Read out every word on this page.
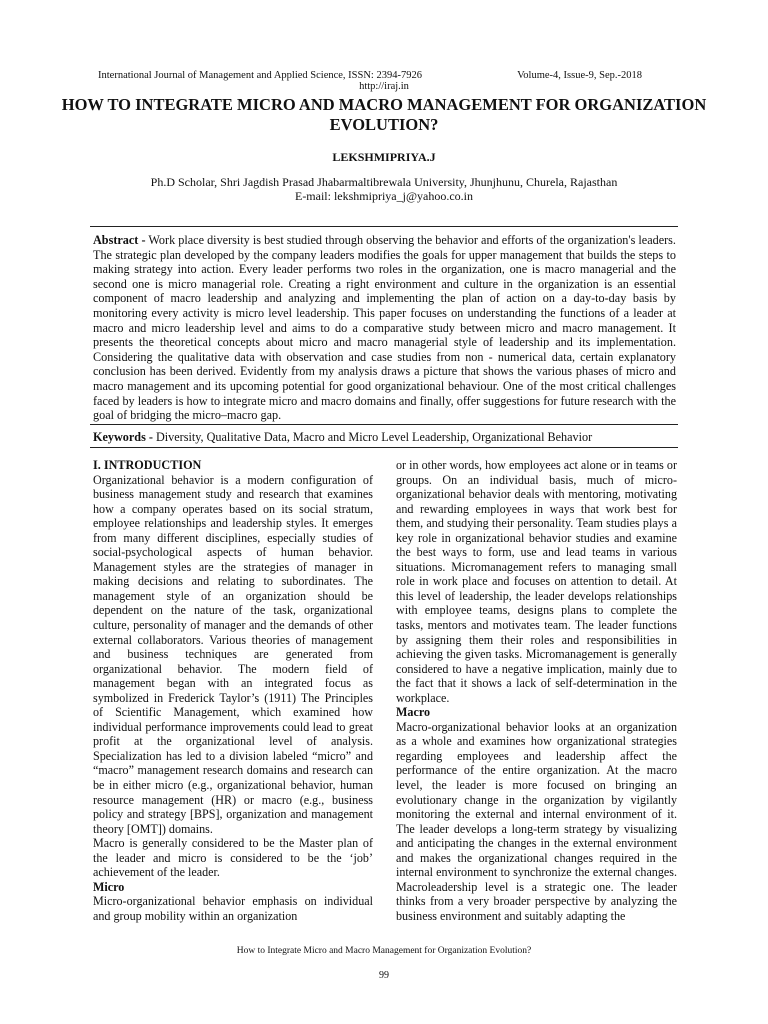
International Journal of Management and Applied Science, ISSN: 2394-7926	Volume-4, Issue-9, Sep.-2018
http://iraj.in
HOW TO INTEGRATE MICRO AND MACRO MANAGEMENT FOR ORGANIZATION EVOLUTION?
LEKSHMIPRIYA.J
Ph.D Scholar, Shri Jagdish Prasad Jhabarmaltibrewala University, Jhunjhunu, Churela, Rajasthan
E-mail: lekshmipriya_j@yahoo.co.in
Abstract - Work place diversity is best studied through observing the behavior and efforts of the organization's leaders. The strategic plan developed by the company leaders modifies the goals for upper management that builds the steps to making strategy into action. Every leader performs two roles in the organization, one is macro managerial and the second one is micro managerial role. Creating a right environment and culture in the organization is an essential component of macro leadership and analyzing and implementing the plan of action on a day-to-day basis by monitoring every activity is micro level leadership. This paper focuses on understanding the functions of a leader at macro and micro leadership level and aims to do a comparative study between micro and macro management. It presents the theoretical concepts about micro and macro managerial style of leadership and its implementation. Considering the qualitative data with observation and case studies from non - numerical data, certain explanatory conclusion has been derived. Evidently from my analysis draws a picture that shows the various phases of micro and macro management and its upcoming potential for good organizational behaviour. One of the most critical challenges faced by leaders is how to integrate micro and macro domains and finally, offer suggestions for future research with the goal of bridging the micro–macro gap.
Keywords - Diversity, Qualitative Data, Macro and Micro Level Leadership, Organizational Behavior

I. INTRODUCTION

Organizational behavior is a modern configuration of business management study and research that examines how a company operates based on its social stratum, employee relationships and leadership styles. It emerges from many different disciplines, especially studies of social-psychological aspects of human behavior. Management styles are the strategies of manager in making decisions and relating to subordinates. The management style of an organization should be dependent on the nature of the task, organizational culture, personality of manager and the demands of other external collaborators. Various theories of management and business techniques are generated from organizational behavior. The modern field of management began with an integrated focus as symbolized in Frederick Taylor’s (1911) The Principles of Scientific Management, which examined how individual performance improvements could lead to great profit at the organizational level of analysis. Specialization has led to a division labeled “micro” and “macro” management research domains and research can be in either micro (e.g., organizational behavior, human resource management (HR) or macro (e.g., business policy and strategy [BPS], organization and management theory [OMT]) domains.

Macro is generally considered to be the Master plan of the leader and micro is considered to be the ‘job’ achievement of the leader.

Micro

Micro-organizational behavior emphasis on individual and group mobility within an organization

or in other words, how employees act alone or in teams or groups. On an individual basis, much of micro-organizational behavior deals with mentoring, motivating and rewarding employees in ways that work best for them, and studying their personality. Team studies plays a key role in organizational behavior studies and examine the best ways to form, use and lead teams in various situations. Micromanagement refers to managing small role in work place and focuses on attention to detail. At this level of leadership, the leader develops relationships with employee teams, designs plans to complete the tasks, mentors and motivates team. The leader functions by assigning them their roles and responsibilities in achieving the given tasks. Micromanagement is generally considered to have a negative implication, mainly due to the fact that it shows a lack of self-determination in the workplace.

Macro

Macro-organizational behavior looks at an organization as a whole and examines how organizational strategies regarding employees and leadership affect the performance of the entire organization. At the macro level, the leader is more focused on bringing an evolutionary change in the organization by vigilantly monitoring the external and internal environment of it. The leader develops a long-term strategy by visualizing and anticipating the changes in the external environment and makes the organizational changes required in the internal environment to synchronize the external changes. Macroleadership level is a strategic one. The leader thinks from a very broader perspective by analyzing the business environment and suitably adapting the

How to Integrate Micro and Macro Management for Organization Evolution?
99
